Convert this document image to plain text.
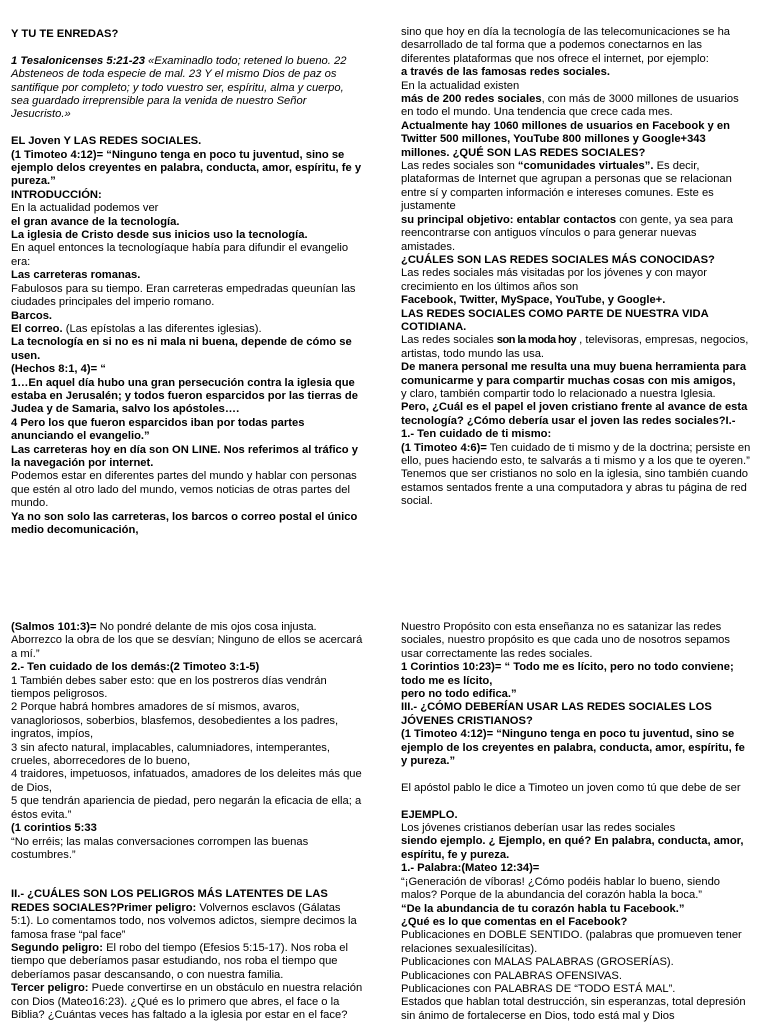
Y TU TE ENREDAS?

1 Tesalonicenses 5:21-23 «Examinadlo todo; retened lo bueno. 22 Absteneos de toda especie de mal. 23 Y el mismo Dios de paz os santifique por completo; y todo vuestro ser, espíritu, alma y cuerpo, sea guardado irreprensible para la venida de nuestro Señor Jesucristo.»

EL Joven Y LAS REDES SOCIALES.

(1 Timoteo 4:12)= “Ninguno tenga en poco tu juventud, sino se ejemplo delos creyentes en palabra, conducta, amor, espíritu, fe y pureza.”

INTRODUCCIÓN:

En la actualidad podemos ver

el gran avance de la tecnología.

La iglesia de Cristo desde sus inicios uso la tecnología.

En aquel entonces la tecnologíaque había para difundir el evangelio era:

Las carreteras romanas.

Fabulosos para su tiempo. Eran carreteras empedradas queunían las ciudades principales del imperio romano.

Barcos.

El correo. (Las epístolas a las diferentes iglesias).

La tecnología en si no es ni mala ni buena, depende de cómo se usen.

(Hechos 8:1, 4)= “

1…En aquel día hubo una gran persecución contra la iglesia que estaba en Jerusalén; y todos fueron esparcidos por las tierras de Judea y de Samaria, salvo los apóstoles….

4 Pero los que fueron esparcidos iban por todas partes anunciando el evangelio.”

Las carreteras hoy en día son ON LINE. Nos referimos al tráfico y la navegación por internet.

Podemos estar en diferentes partes del mundo y hablar con personas que estén al otro lado del mundo, vemos noticias de otras partes del mundo.

Ya no son solo las carreteras, los barcos o correo postal el único medio decomunicación,

sino que hoy en día la tecnología de las telecomunicaciones se ha desarrollado de tal forma que a podemos conectarnos en las diferentes plataformas que nos ofrece el internet, por ejemplo:

a través de las famosas redes sociales.

En la actualidad existen

más de 200 redes sociales, con más de 3000 millones de usuarios en todo el mundo. Una tendencia que crece cada mes.

Actualmente hay 1060 millones de usuarios en Facebook y en Twitter 500 millones, YouTube 800 millones y Google+343 millones. ¿QUÉ SON LAS REDES SOCIALES?

Las redes sociales son “comunidades virtuales”. Es decir, plataformas de Internet que agrupan a personas que se relacionan entre sí y comparten información e intereses comunes. Este es justamente

su principal objetivo: entablar contactos con gente, ya sea para reencontrarse con antiguos vínculos o para generar nuevas amistades.

¿CUÁLES SON LAS REDES SOCIALES MÁS CONOCIDAS?

Las redes sociales más visitadas por los jóvenes y con mayor crecimiento en los últimos años son

Facebook, Twitter, MySpace, YouTube, y Google+.

LAS REDES SOCIALES COMO PARTE DE NUESTRA VIDA COTIDIANA.

Las redes sociales son la moda hoy , televisoras, empresas, negocios, artistas, todo mundo las usa.

De manera personal me resulta una muy buena herramienta para

comunicarme y para compartir muchas cosas con mis amigos,

y claro, también compartir todo lo relacionado a nuestra Iglesia.

Pero, ¿Cuál es el papel el joven cristiano frente al avance de esta tecnología? ¿Cómo debería usar el joven las redes sociales?I.-

1.- Ten cuidado de ti mismo:

(1 Timoteo 4:6)= Ten cuidado de ti mismo y de la doctrina; persiste en ello, pues haciendo esto, te salvarás a ti mismo y a los que te oyeren.”

Tenemos que ser cristianos no solo en la iglesia, sino también cuando estamos sentados frente a una computadora y abras tu página de red social.

(Salmos 101:3)= No pondré delante de mis ojos cosa injusta. Aborrezco la obra de los que se desvían; Ninguno de ellos se acercará a mí.”

2.- Ten cuidado de los demás:(2 Timoteo 3:1-5)

1 También debes saber esto: que en los postreros días vendrán tiempos peligrosos.

2 Porque habrá hombres amadores de sí mismos, avaros, vanagloriosos, soberbios, blasfemos, desobedientes a los padres, ingratos, impíos,

3 sin afecto natural, implacables, calumniadores, intemperantes, crueles, aborrecedores de lo bueno,

4 traidores, impetuosos, infatuados, amadores de los deleites más que de Dios,

5 que tendrán apariencia de piedad, pero negarán la eficacia de ella; a éstos evita.”

(1 corintios 5:33

“No erréis; las malas conversaciones corrompen las buenas costumbres.”

II.- ¿CUÁLES SON LOS PELIGROS MÁS LATENTES DE LAS REDES SOCIALES?Primer peligro: Volvernos esclavos (Gálatas 5:1). Lo comentamos todo, nos volvemos adictos, siempre decimos la famosa frase “pal face”

Segundo peligro: El robo del tiempo (Efesios 5:15-17). Nos roba el tiempo que deberíamos pasar estudiando, nos roba el tiempo que deberíamos pasar descansando, o con nuestra familia.

Tercer peligro: Puede convertirse en un obstáculo en nuestra relación con Dios (Mateo16:23). ¿Qué es lo primero que abres, el face o la Biblia? ¿Cuántas veces has faltado a la iglesia por estar en el face?

Nuestro Propósito con esta enseñanza no es satanizar las redes sociales, nuestro propósito es que cada uno de nosotros sepamos usar correctamente las redes sociales.

1 Corintios 10:23)= “ Todo me es lícito, pero no todo conviene; todo me es lícito,

pero no todo edifica.”

III.- ¿CÓMO DEBERÍAN USAR LAS REDES SOCIALES LOS JÓVENES CRISTIANOS?

(1 Timoteo 4:12)= “Ninguno tenga en poco tu juventud, sino se ejemplo de los creyentes en palabra, conducta, amor, espíritu, fe y pureza.”

El apóstol pablo le dice a Timoteo un joven como tú que debe de ser

EJEMPLO.

Los jóvenes cristianos deberían usar las redes sociales

siendo ejemplo. ¿ Ejemplo, en qué? En palabra, conducta, amor, espíritu, fe y pureza.

1.- Palabra:(Mateo 12:34)=

“¡Generación de víboras! ¿Cómo podéis hablar lo bueno, siendo malos? Porque de la abundancia del corazón habla la boca.”

“De la abundancia de tu corazón habla tu Facebook.”

¿Qué es lo que comentas en el Facebook?

Publicaciones en DOBLE SENTIDO. (palabras que promueven tener relaciones sexualesilícitas).

Publicaciones con MALAS PALABRAS (GROSERÍAS).

Publicaciones con PALABRAS OFENSIVAS.

Publicaciones con PALABRAS DE “TODO ESTÁ MAL”.

Estados que hablan total destrucción, sin esperanzas, total depresión sin ánimo de fortalecerse en Dios, todo está mal y Dios
